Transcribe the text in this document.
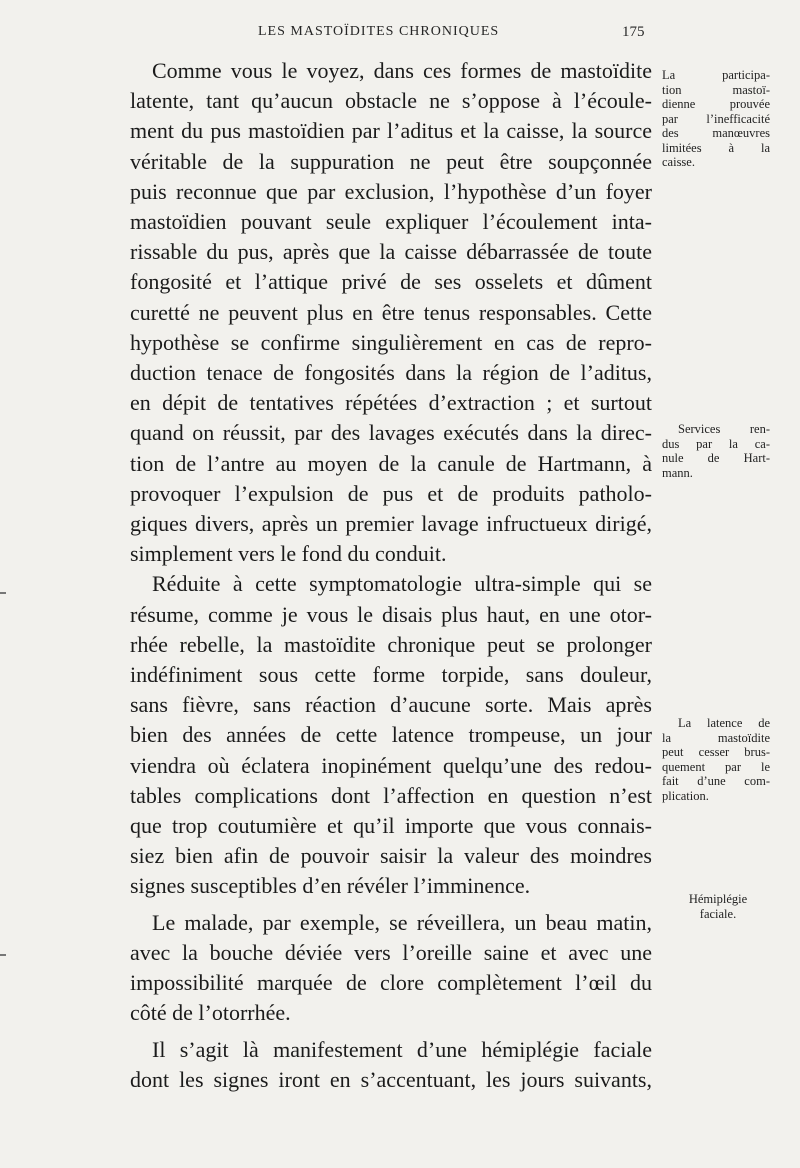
LES MASTOÏDITES CHRONIQUES	175
Comme vous le voyez, dans ces formes de mastoïdite
latente, tant qu’aucun obstacle ne s’oppose à l’écoule-
ment du pus mastoïdien par l’aditus et la caisse, la source
véritable de la suppuration ne peut être soupçonnée
puis reconnue que par exclusion, l’hypothèse d’un foyer
mastoïdien pouvant seule expliquer l’écoulement inta-
rissable du pus, après que la caisse débarrassée de toute
fongosité et l’attique privé de ses osselets et dûment
curetté ne peuvent plus en être tenus responsables. Cette
hypothèse se confirme singulièrement en cas de repro-
duction tenace de fongosités dans la région de l’aditus,
en dépit de tentatives répétées d’extraction ; et surtout
quand on réussit, par des lavages exécutés dans la direc-
tion de l’antre au moyen de la canule de Hartmann, à
provoquer l’expulsion de pus et de produits patholo-
giques divers, après un premier lavage infructueux dirigé,
simplement vers le fond du conduit.
Réduite à cette symptomatologie ultra-simple qui se
résume, comme je vous le disais plus haut, en une otor-
rhée rebelle, la mastoïdite chronique peut se prolonger
indéfiniment sous cette forme torpide, sans douleur,
sans fièvre, sans réaction d’aucune sorte. Mais après
bien des années de cette latence trompeuse, un jour
viendra où éclatera inopinément quelqu’une des redou-
tables complications dont l’affection en question n’est
que trop coutumière et qu’il importe que vous connais-
siez bien afin de pouvoir saisir la valeur des moindres
signes susceptibles d’en révéler l’imminence.
Le malade, par exemple, se réveillera, un beau matin,
avec la bouche déviée vers l’oreille saine et avec une
impossibilité marquée de clore complètement l’œil du
côté de l’otorrhée.
Il s’agit là manifestement d’une hémiplégie faciale
dont les signes iront en s’accentuant, les jours suivants,
La participa-
tion mastoï-
dienne prouvée
par l’inefficacité
des manœuvres
limitées à la
caisse.
Services ren-
dus par la ca-
nule de Hart-
mann.
La latence de
la mastoïdite
peut cesser brus-
quement par le
fait d’une com-
plication.
Hémiplégie
faciale.
